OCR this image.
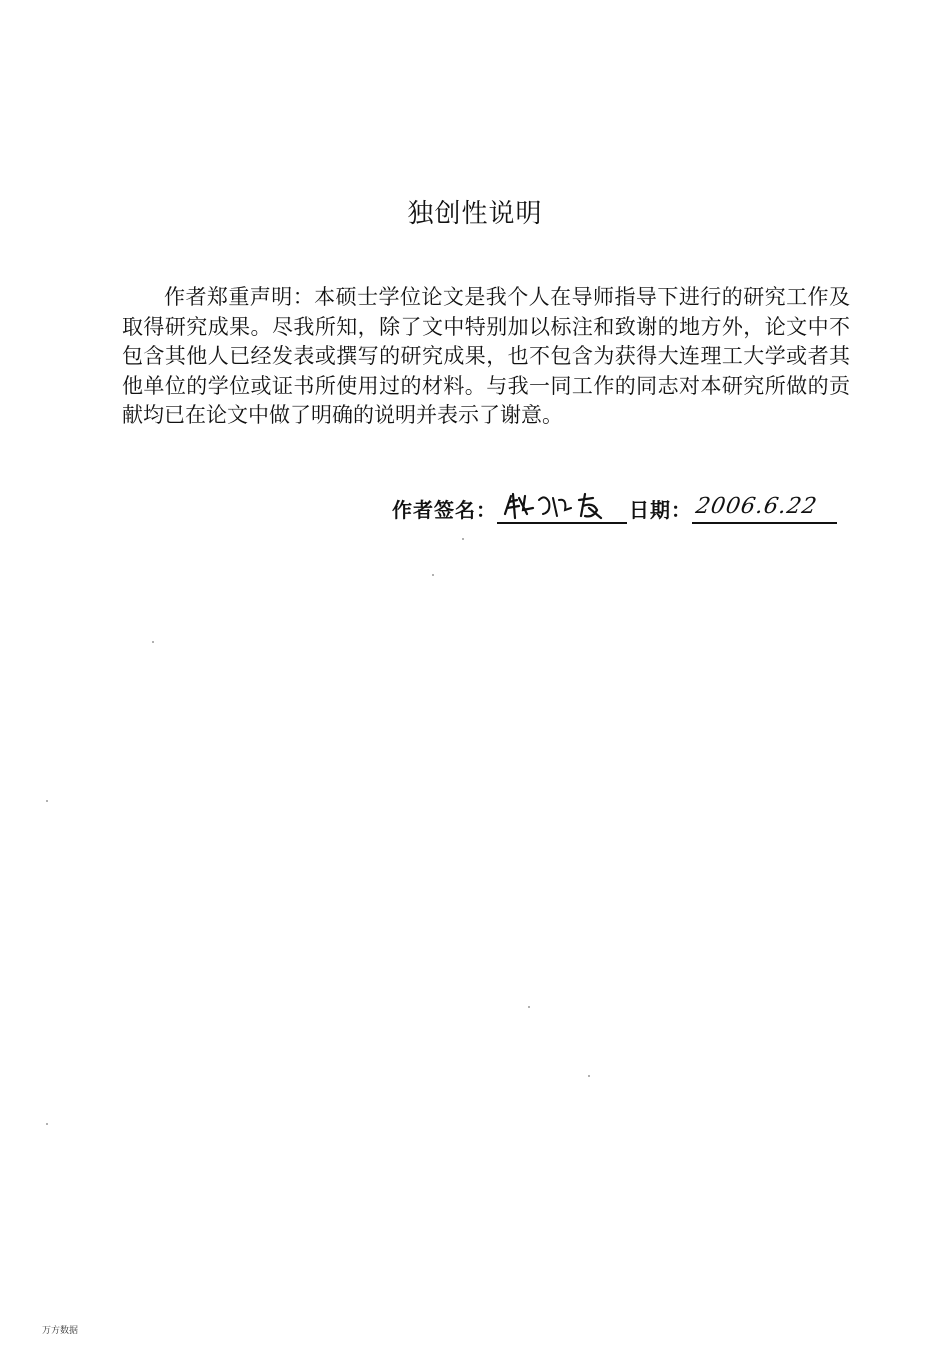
独创性说明

作者郑重声明：本硕士学位论文是我个人在导师指导下进行的研究工作及取得研究成果。尽我所知，除了文中特别加以标注和致谢的地方外，论文中不包含其他人已经发表或撰写的研究成果，也不包含为获得大连理工大学或者其他单位的学位或证书所使用过的材料。与我一同工作的同志对本研究所做的贡献均已在论文中做了明确的说明并表示了谢意。

作者签名：	日期： 2006.6.22
万方数据
